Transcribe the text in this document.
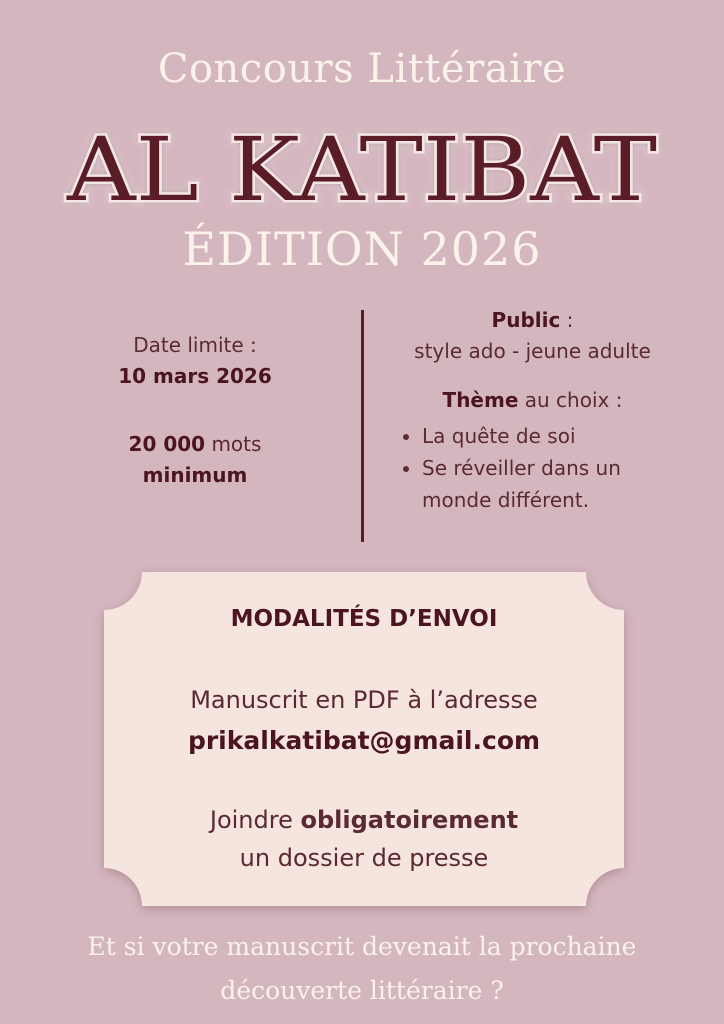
Concours Littéraire
AL KATIBAT
ÉDITION 2026
Date limite :
10 mars 2026
20 000 mots
minimum
Public :
style ado - jeune adulte
Thème au choix :
La quête de soi
Se réveiller dans un monde différent.
MODALITÉS D’ENVOI
Manuscrit en PDF à l’adresse
prikalkatibat@gmail.com
Joindre obligatoirement
un dossier de presse
Et si votre manuscrit devenait la prochaine
découverte littéraire ?
